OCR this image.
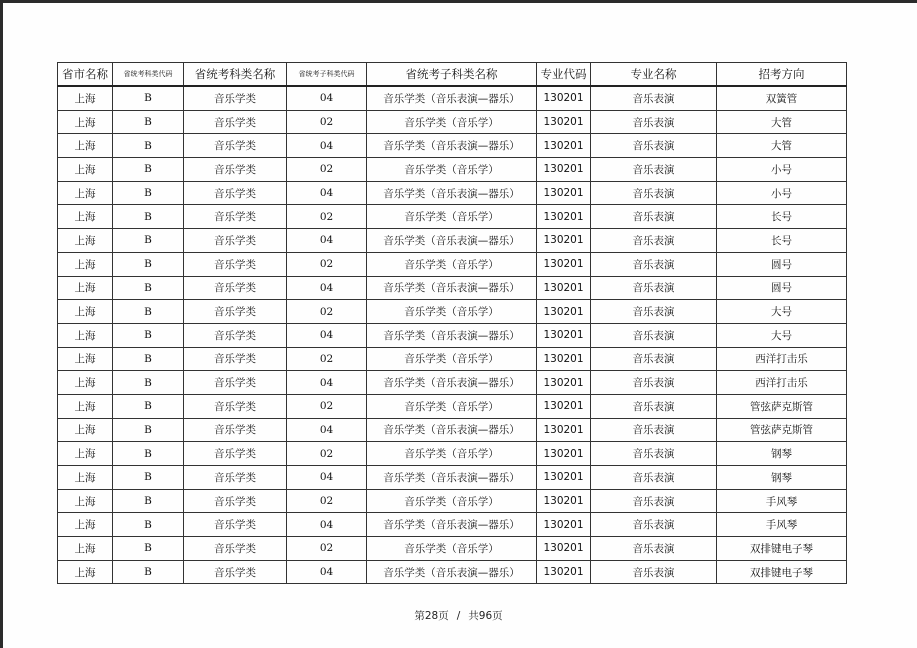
省市名称	省统考科类代码	省统考科类名称	省统考子科类代码	省统考子科类名称	专业代码	专业名称	招考方向
上海	B	音乐学类	04	音乐学类（音乐表演—器乐）	130201	音乐表演	双簧管
上海	B	音乐学类	02	音乐学类（音乐学）	130201	音乐表演	大管
上海	B	音乐学类	04	音乐学类（音乐表演—器乐）	130201	音乐表演	大管
上海	B	音乐学类	02	音乐学类（音乐学）	130201	音乐表演	小号
上海	B	音乐学类	04	音乐学类（音乐表演—器乐）	130201	音乐表演	小号
上海	B	音乐学类	02	音乐学类（音乐学）	130201	音乐表演	长号
上海	B	音乐学类	04	音乐学类（音乐表演—器乐）	130201	音乐表演	长号
上海	B	音乐学类	02	音乐学类（音乐学）	130201	音乐表演	圆号
上海	B	音乐学类	04	音乐学类（音乐表演—器乐）	130201	音乐表演	圆号
上海	B	音乐学类	02	音乐学类（音乐学）	130201	音乐表演	大号
上海	B	音乐学类	04	音乐学类（音乐表演—器乐）	130201	音乐表演	大号
上海	B	音乐学类	02	音乐学类（音乐学）	130201	音乐表演	西洋打击乐
上海	B	音乐学类	04	音乐学类（音乐表演—器乐）	130201	音乐表演	西洋打击乐
上海	B	音乐学类	02	音乐学类（音乐学）	130201	音乐表演	管弦萨克斯管
上海	B	音乐学类	04	音乐学类（音乐表演—器乐）	130201	音乐表演	管弦萨克斯管
上海	B	音乐学类	02	音乐学类（音乐学）	130201	音乐表演	钢琴
上海	B	音乐学类	04	音乐学类（音乐表演—器乐）	130201	音乐表演	钢琴
上海	B	音乐学类	02	音乐学类（音乐学）	130201	音乐表演	手风琴
上海	B	音乐学类	04	音乐学类（音乐表演—器乐）	130201	音乐表演	手风琴
上海	B	音乐学类	02	音乐学类（音乐学）	130201	音乐表演	双排键电子琴
上海	B	音乐学类	04	音乐学类（音乐表演—器乐）	130201	音乐表演	双排键电子琴
第28页 / 共96页
